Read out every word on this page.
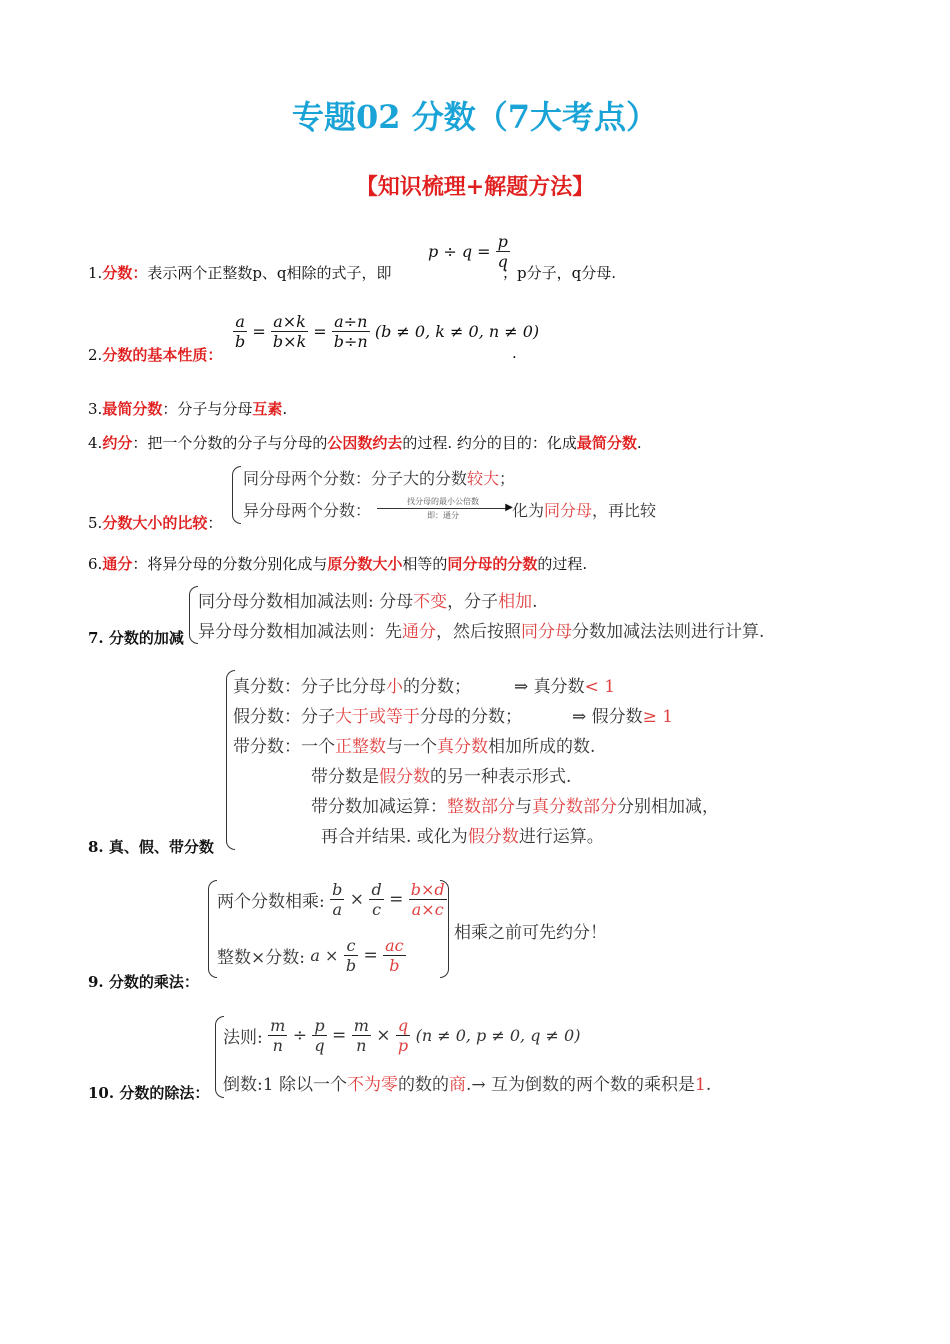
专题02 分数（7大考点）
【知识梳理+解题方法】
1.分数：表示两个正整数p、q相除的式子，即
$p \div q = \frac{p}{q}$
；p分子，q分母.
2.分数的基本性质：
$\frac{a}{b} = \frac{a\times k}{b\times k} = \frac{a\div n}{b\div n} (b \ne 0$, k ≠ 0, n ≠ 0)
.
3.最简分数：分子与分母互素.
4.约分：把一个分数的分子与分母的公因数约去的过程. 约分的目的：化成最简分数.
5.分数大小的比较：
同分母两个分数：分子大的分数较大；
异分母两个分数：	找分母的最小公倍数
▶
即：通分	化为同分母，再比较
6.通分：将异分母的分数分别化成与原分数大小相等的同分母的分数的过程.
7. 分数的加减
同分母分数相加减法则: 分母不变，分子相加.
异分母分数相加减法则：先通分，然后按照同分母分数加减法法则进行计算.
8. 真、假、带分数
真分数：分子比分母小的分数；	⇒ 真分数< 1
假分数：分子大于或等于分母的分数；	⇒ 假分数≥ 1
带分数：一个正整数与一个真分数相加所成的数.
带分数是假分数的另一种表示形式.
带分数加减运算：整数部分与真分数部分分别相加减，
再合并结果. 或化为假分数进行运算。
9. 分数的乘法：
两个分数相乘: $\frac{b}{a} \times \frac{d}{c} = \frac{b\times d}{a\times c}$
整数×分数: $a \times \frac{c}{b} = \frac{ac}{b}$
相乘之前可先约分！
10. 分数的除法：
法则: $\frac{m}{n} \div \frac{p}{q} = \frac{m}{n} \times \frac{q}{p} (n \ne 0$, p ≠ 0, q ≠ 0)
倒数:1 除以一个不为零的数的商.→ 互为倒数的两个数的乘积是1.
